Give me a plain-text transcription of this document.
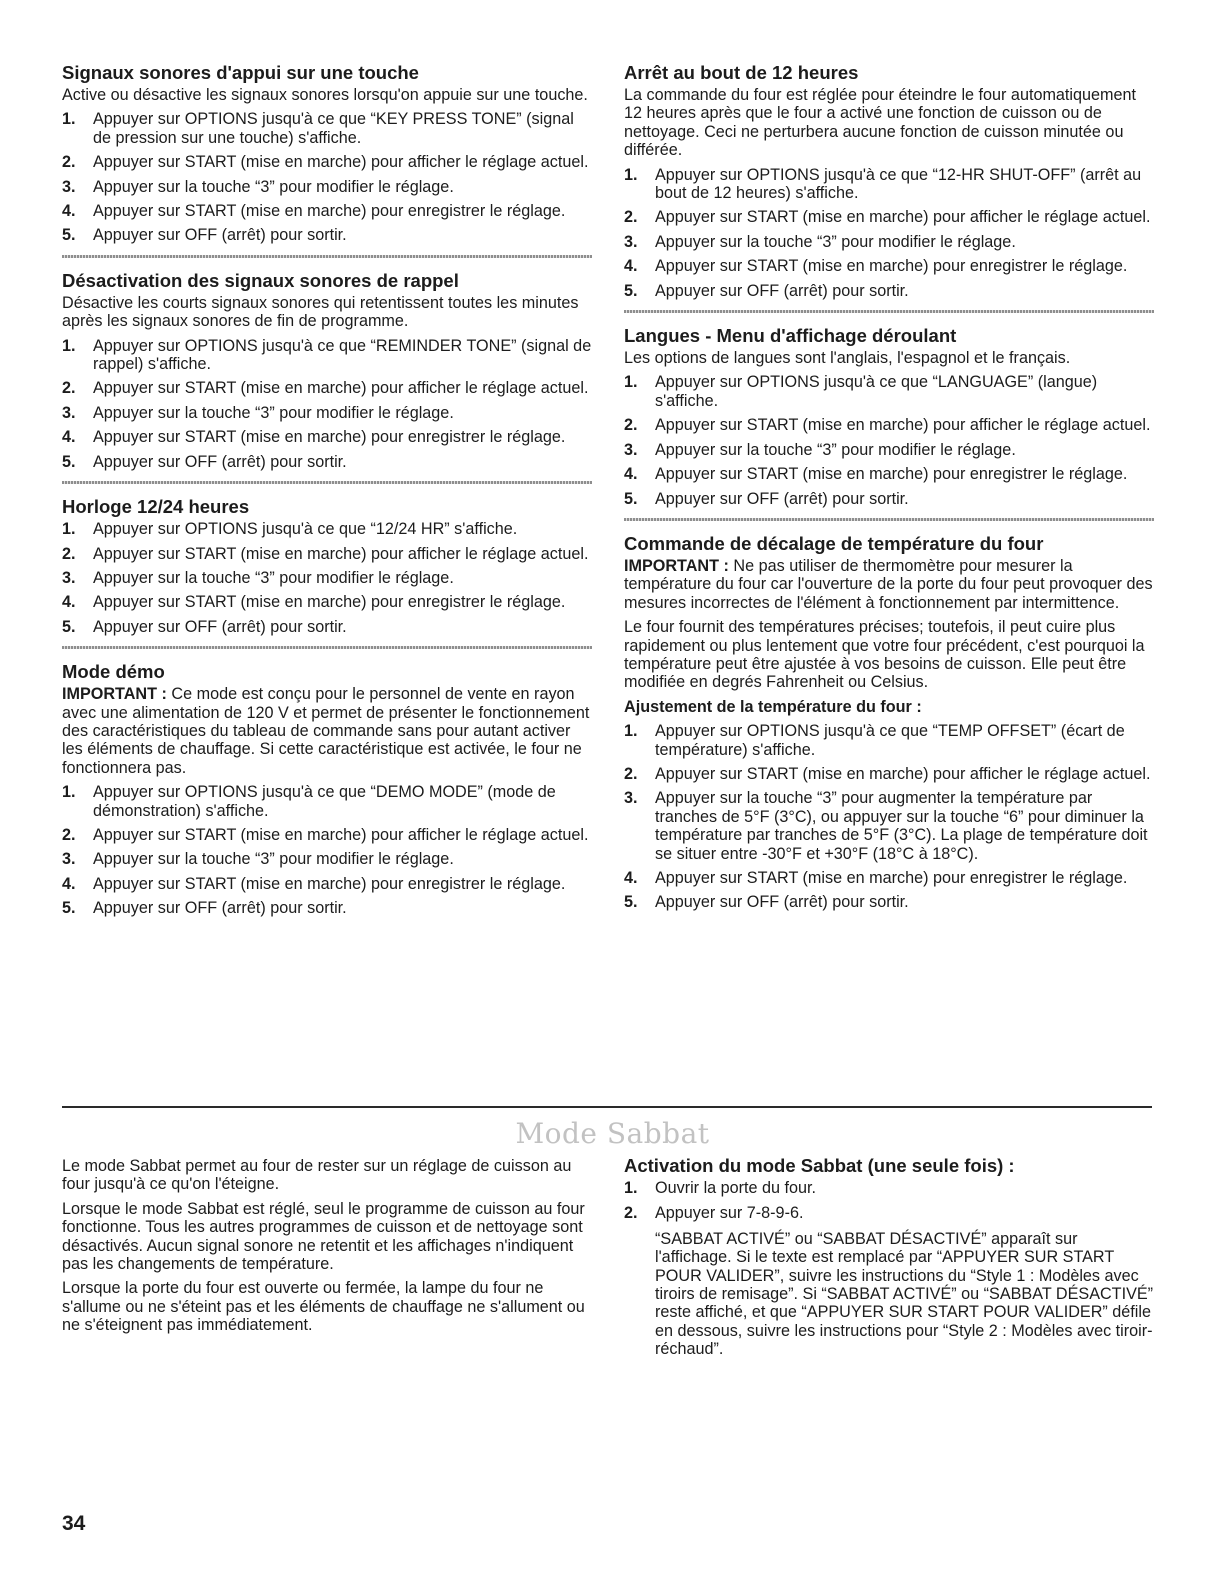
Signaux sonores d'appui sur une touche

Active ou désactive les signaux sonores lorsqu'on appuie sur une touche.

1.	Appuyer sur OPTIONS jusqu'à ce que “KEY PRESS TONE” (signal de pression sur une touche) s'affiche.
2.	Appuyer sur START (mise en marche) pour afficher le réglage actuel.
3.	Appuyer sur la touche “3” pour modifier le réglage.
4.	Appuyer sur START (mise en marche) pour enregistrer le réglage.
5.	Appuyer sur OFF (arrêt) pour sortir.
Désactivation des signaux sonores de rappel

Désactive les courts signaux sonores qui retentissent toutes les minutes après les signaux sonores de fin de programme.

1.	Appuyer sur OPTIONS jusqu'à ce que “REMINDER TONE” (signal de rappel) s'affiche.
2.	Appuyer sur START (mise en marche) pour afficher le réglage actuel.
3.	Appuyer sur la touche “3” pour modifier le réglage.
4.	Appuyer sur START (mise en marche) pour enregistrer le réglage.
5.	Appuyer sur OFF (arrêt) pour sortir.
Horloge 12/24 heures
1.	Appuyer sur OPTIONS jusqu'à ce que “12/24 HR” s'affiche.
2.	Appuyer sur START (mise en marche) pour afficher le réglage actuel.
3.	Appuyer sur la touche “3” pour modifier le réglage.
4.	Appuyer sur START (mise en marche) pour enregistrer le réglage.
5.	Appuyer sur OFF (arrêt) pour sortir.
Mode démo

IMPORTANT : Ce mode est conçu pour le personnel de vente en rayon avec une alimentation de 120 V et permet de présenter le fonctionnement des caractéristiques du tableau de commande sans pour autant activer les éléments de chauffage. Si cette caractéristique est activée, le four ne fonctionnera pas.

1.	Appuyer sur OPTIONS jusqu'à ce que “DEMO MODE” (mode de démonstration) s'affiche.
2.	Appuyer sur START (mise en marche) pour afficher le réglage actuel.
3.	Appuyer sur la touche “3” pour modifier le réglage.
4.	Appuyer sur START (mise en marche) pour enregistrer le réglage.
5.	Appuyer sur OFF (arrêt) pour sortir.
Arrêt au bout de 12 heures

La commande du four est réglée pour éteindre le four automatiquement 12 heures après que le four a activé une fonction de cuisson ou de nettoyage. Ceci ne perturbera aucune fonction de cuisson minutée ou différée.

1.	Appuyer sur OPTIONS jusqu'à ce que “12-HR SHUT-OFF” (arrêt au bout de 12 heures) s'affiche.
2.	Appuyer sur START (mise en marche) pour afficher le réglage actuel.
3.	Appuyer sur la touche “3” pour modifier le réglage.
4.	Appuyer sur START (mise en marche) pour enregistrer le réglage.
5.	Appuyer sur OFF (arrêt) pour sortir.
Langues - Menu d'affichage déroulant

Les options de langues sont l'anglais, l'espagnol et le français.

1.	Appuyer sur OPTIONS jusqu'à ce que “LANGUAGE” (langue) s'affiche.
2.	Appuyer sur START (mise en marche) pour afficher le réglage actuel.
3.	Appuyer sur la touche “3” pour modifier le réglage.
4.	Appuyer sur START (mise en marche) pour enregistrer le réglage.
5.	Appuyer sur OFF (arrêt) pour sortir.
Commande de décalage de température du four

IMPORTANT : Ne pas utiliser de thermomètre pour mesurer la température du four car l'ouverture de la porte du four peut provoquer des mesures incorrectes de l'élément à fonctionnement par intermittence.

Le four fournit des températures précises; toutefois, il peut cuire plus rapidement ou plus lentement que votre four précédent, c'est pourquoi la température peut être ajustée à vos besoins de cuisson. Elle peut être modifiée en degrés Fahrenheit ou Celsius.

Ajustement de la température du four :
1.	Appuyer sur OPTIONS jusqu'à ce que “TEMP OFFSET” (écart de température) s'affiche.
2.	Appuyer sur START (mise en marche) pour afficher le réglage actuel.
3.	Appuyer sur la touche “3” pour augmenter la température par tranches de 5°F (3°C), ou appuyer sur la touche “6” pour diminuer la température par tranches de 5°F (3°C). La plage de température doit se situer entre -30°F et +30°F (18°C à 18°C).
4.	Appuyer sur START (mise en marche) pour enregistrer le réglage.
5.	Appuyer sur OFF (arrêt) pour sortir.
Mode Sabbat

Le mode Sabbat permet au four de rester sur un réglage de cuisson au four jusqu'à ce qu'on l'éteigne.

Lorsque le mode Sabbat est réglé, seul le programme de cuisson au four fonctionne. Tous les autres programmes de cuisson et de nettoyage sont désactivés. Aucun signal sonore ne retentit et les affichages n'indiquent pas les changements de température.

Lorsque la porte du four est ouverte ou fermée, la lampe du four ne s'allume ou ne s'éteint pas et les éléments de chauffage ne s'allument ou ne s'éteignent pas immédiatement.

Activation du mode Sabbat (une seule fois) :
1.	Ouvrir la porte du four.
2.	Appuyer sur 7-8-9-6.

“SABBAT ACTIVÉ” ou “SABBAT DÉSACTIVÉ” apparaît sur l'affichage. Si le texte est remplacé par “APPUYER SUR START POUR VALIDER”, suivre les instructions du “Style 1 : Modèles avec tiroirs de remisage”. Si “SABBAT ACTIVÉ” ou “SABBAT DÉSACTIVÉ” reste affiché, et que “APPUYER SUR START POUR VALIDER” défile en dessous, suivre les instructions pour “Style 2 : Modèles avec tiroir-réchaud”.

34
